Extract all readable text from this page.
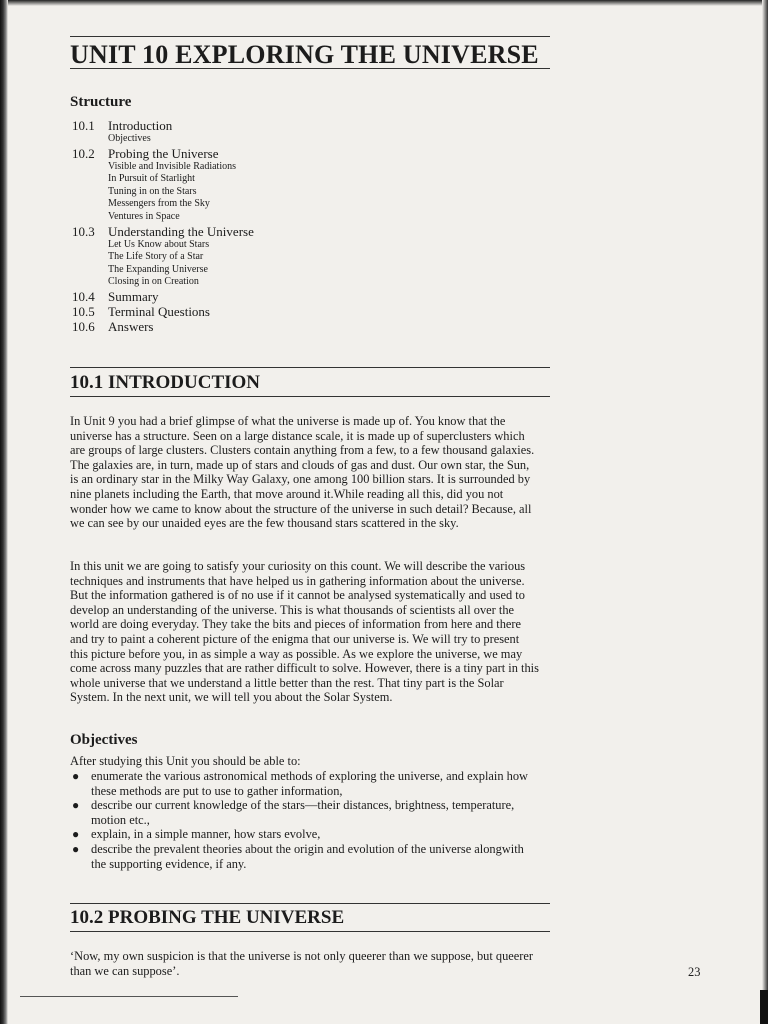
UNIT 10 EXPLORING THE UNIVERSE
Structure
10.1 Introduction
Objectives
10.2 Probing the Universe
Visible and Invisible Radiations
In Pursuit of Starlight
Tuning in on the Stars
Messengers from the Sky
Ventures in Space
10.3 Understanding the Universe
Let Us Know about Stars
The Life Story of a Star
The Expanding Universe
Closing in on Creation
10.4 Summary
10.5 Terminal Questions
10.6 Answers
10.1 INTRODUCTION

In Unit 9 you had a brief glimpse of what the universe is made up of. You know that the universe has a structure. Seen on a large distance scale, it is made up of superclusters which are groups of large clusters. Clusters contain anything from a few, to a few thousand galaxies. The galaxies are, in turn, made up of stars and clouds of gas and dust. Our own star, the Sun, is an ordinary star in the Milky Way Galaxy, one among 100 billion stars. It is surrounded by nine planets including the Earth, that move around it.While reading all this, did you not wonder how we came to know about the structure of the universe in such detail? Because, all we can see by our unaided eyes are the few thousand stars scattered in the sky.

In this unit we are going to satisfy your curiosity on this count. We will describe the various techniques and instruments that have helped us in gathering information about the universe. But the information gathered is of no use if it cannot be analysed systematically and used to develop an understanding of the universe. This is what thousands of scientists all over the world are doing everyday. They take the bits and pieces of information from here and there and try to paint a coherent picture of the enigma that our universe is. We will try to present this picture before you, in as simple a way as possible. As we explore the universe, we may come across many puzzles that are rather difficult to solve. However, there is a tiny part in this whole universe that we understand a little better than the rest. That tiny part is the Solar System. In the next unit, we will tell you about the Solar System.

Objectives
After studying this Unit you should be able to:
● enumerate the various astronomical methods of exploring the universe, and explain how these methods are put to use to gather information,
● describe our current knowledge of the stars—their distances, brightness, temperature, motion etc.,
● explain, in a simple manner, how stars evolve,
● describe the prevalent theories about the origin and evolution of the universe alongwith the supporting evidence, if any.
10.2 PROBING THE UNIVERSE
‘Now, my own suspicion is that the universe is not only queerer than we suppose, but queerer than we can suppose’.	23
